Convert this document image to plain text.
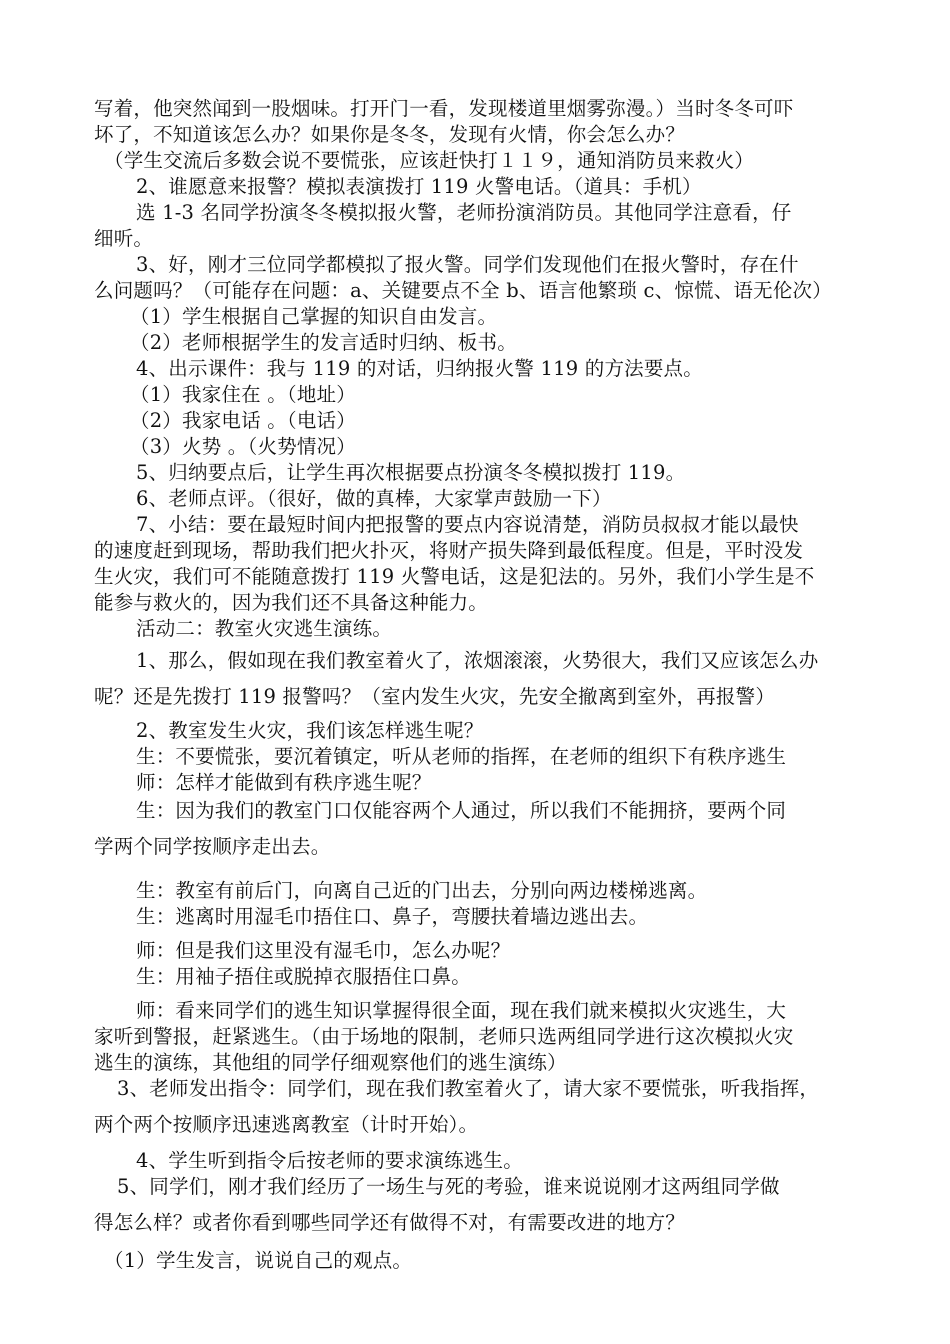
写着，他突然闻到一股烟味。打开门一看，发现楼道里烟雾弥漫。）当时冬冬可吓
坏了，不知道该怎么办？如果你是冬冬，发现有火情，你会怎么办？
（学生交流后多数会说不要慌张，应该赶快打１１９，通知消防员来救火）
2、谁愿意来报警？模拟表演拨打 119 火警电话。（道具：手机）
选 1-3 名同学扮演冬冬模拟报火警，老师扮演消防员。其他同学注意看，仔
细听。
3、好，刚才三位同学都模拟了报火警。同学们发现他们在报火警时，存在什
么问题吗？（可能存在问题：a、关键要点不全 b、语言他繁琐 c、惊慌、语无伦次）
（1）学生根据自己掌握的知识自由发言。
（2）老师根据学生的发言适时归纳、板书。
4、出示课件：我与 119 的对话，归纳报火警 119 的方法要点。
（1）我家住在 。（地址）
（2）我家电话 。（电话）
（3）火势 。（火势情况）
5、归纳要点后，让学生再次根据要点扮演冬冬模拟拨打 119。
6、老师点评。（很好，做的真棒，大家掌声鼓励一下）
7、小结：要在最短时间内把报警的要点内容说清楚，消防员叔叔才能以最快
的速度赶到现场，帮助我们把火扑灭，将财产损失降到最低程度。但是，平时没发
生火灾，我们可不能随意拨打 119 火警电话，这是犯法的。另外，我们小学生是不
能参与救火的，因为我们还不具备这种能力。
活动二：教室火灾逃生演练。
1、那么，假如现在我们教室着火了，浓烟滚滚，火势很大，我们又应该怎么办
呢？还是先拨打 119 报警吗？（室内发生火灾，先安全撤离到室外，再报警）
2、教室发生火灾，我们该怎样逃生呢？
生：不要慌张，要沉着镇定，听从老师的指挥，在老师的组织下有秩序逃生
师：怎样才能做到有秩序逃生呢？
生：因为我们的教室门口仅能容两个人通过，所以我们不能拥挤，要两个同
学两个同学按顺序走出去。
生：教室有前后门，向离自己近的门出去，分别向两边楼梯逃离。
生：逃离时用湿毛巾捂住口、鼻子，弯腰扶着墙边逃出去。
师：但是我们这里没有湿毛巾，怎么办呢？
生：用袖子捂住或脱掉衣服捂住口鼻。
师：看来同学们的逃生知识掌握得很全面，现在我们就来模拟火灾逃生，大
家听到警报，赶紧逃生。（由于场地的限制，老师只选两组同学进行这次模拟火灾
逃生的演练，其他组的同学仔细观察他们的逃生演练）
3、老师发出指令：同学们，现在我们教室着火了，请大家不要慌张，听我指挥，
两个两个按顺序迅速逃离教室（计时开始）。
4、学生听到指令后按老师的要求演练逃生。
5、同学们，刚才我们经历了一场生与死的考验，谁来说说刚才这两组同学做
得怎么样？或者你看到哪些同学还有做得不对，有需要改进的地方？
（1）学生发言，说说自己的观点。
